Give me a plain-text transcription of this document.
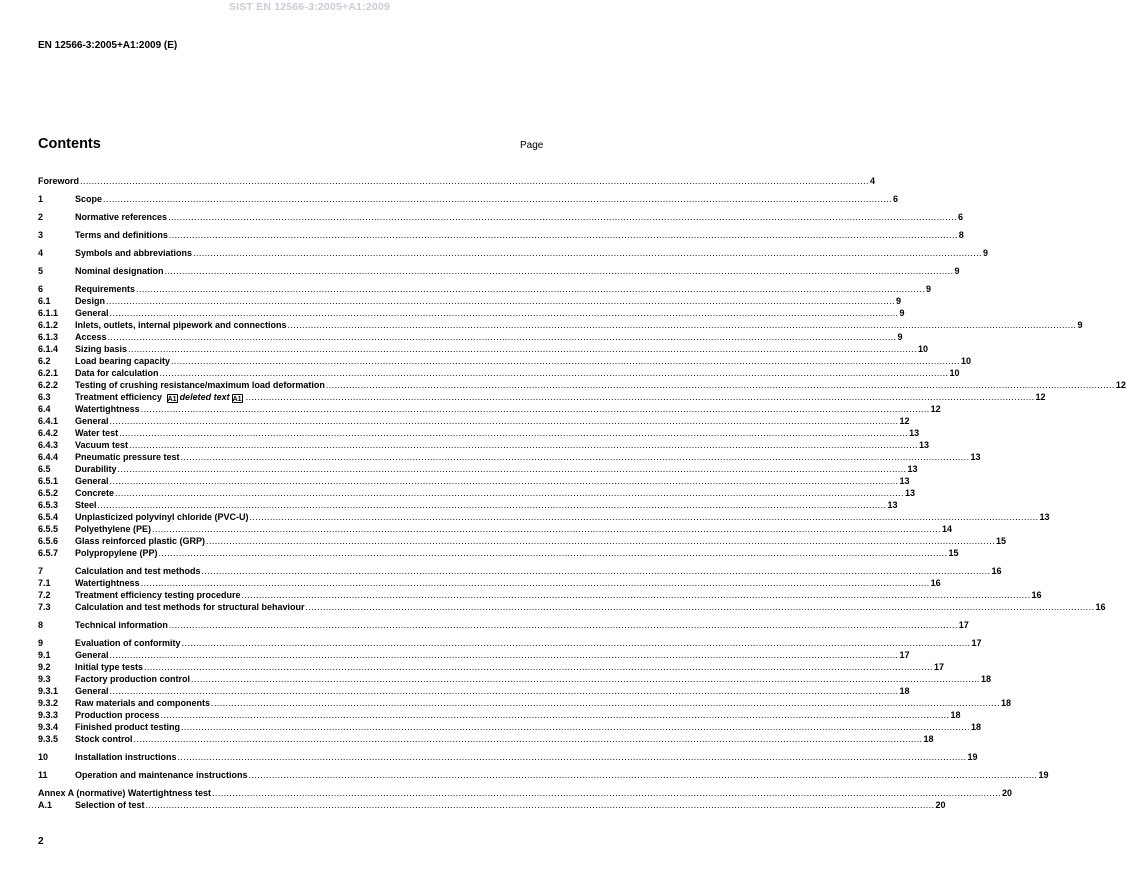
SIST EN 12566-3:2005+A1:2009
EN 12566-3:2005+A1:2009 (E)
Contents	Page
Foreword .....	4
1	Scope .....	6
2	Normative references .....	6
3	Terms and definitions .....	8
4	Symbols and abbreviations .....	9
5	Nominal designation .....	9
6	Requirements .....	9
6.1	Design .....	9
6.1.1	General .....	9
6.1.2	Inlets, outlets, internal pipework and connections .....	9
6.1.3	Access .....	9
6.1.4	Sizing basis .....	10
6.2	Load bearing capacity .....	10
6.2.1	Data for calculation .....	10
6.2.2	Testing of crushing resistance/maximum load deformation .....	12
6.3	Treatment efficiency A1 deleted text A1 .....	12
6.4	Watertightness .....	12
6.4.1	General .....	12
6.4.2	Water test .....	13
6.4.3	Vacuum test .....	13
6.4.4	Pneumatic pressure test .....	13
6.5	Durability .....	13
6.5.1	General .....	13
6.5.2	Concrete .....	13
6.5.3	Steel .....	13
6.5.4	Unplasticized polyvinyl chloride (PVC-U) .....	13
6.5.5	Polyethylene (PE) .....	14
6.5.6	Glass reinforced plastic (GRP) .....	15
6.5.7	Polypropylene (PP) .....	15
7	Calculation and test methods .....	16
7.1	Watertightness .....	16
7.2	Treatment efficiency testing procedure .....	16
7.3	Calculation and test methods for structural behaviour .....	16
8	Technical information .....	17
9	Evaluation of conformity .....	17
9.1	General .....	17
9.2	Initial type tests .....	17
9.3	Factory production control .....	18
9.3.1	General .....	18
9.3.2	Raw materials and components .....	18
9.3.3	Production process .....	18
9.3.4	Finished product testing .....	18
9.3.5	Stock control .....	18
10	Installation instructions .....	19
11	Operation and maintenance instructions .....	19
Annex A (normative) Watertightness test .....	20
A.1	Selection of test .....	20
2
